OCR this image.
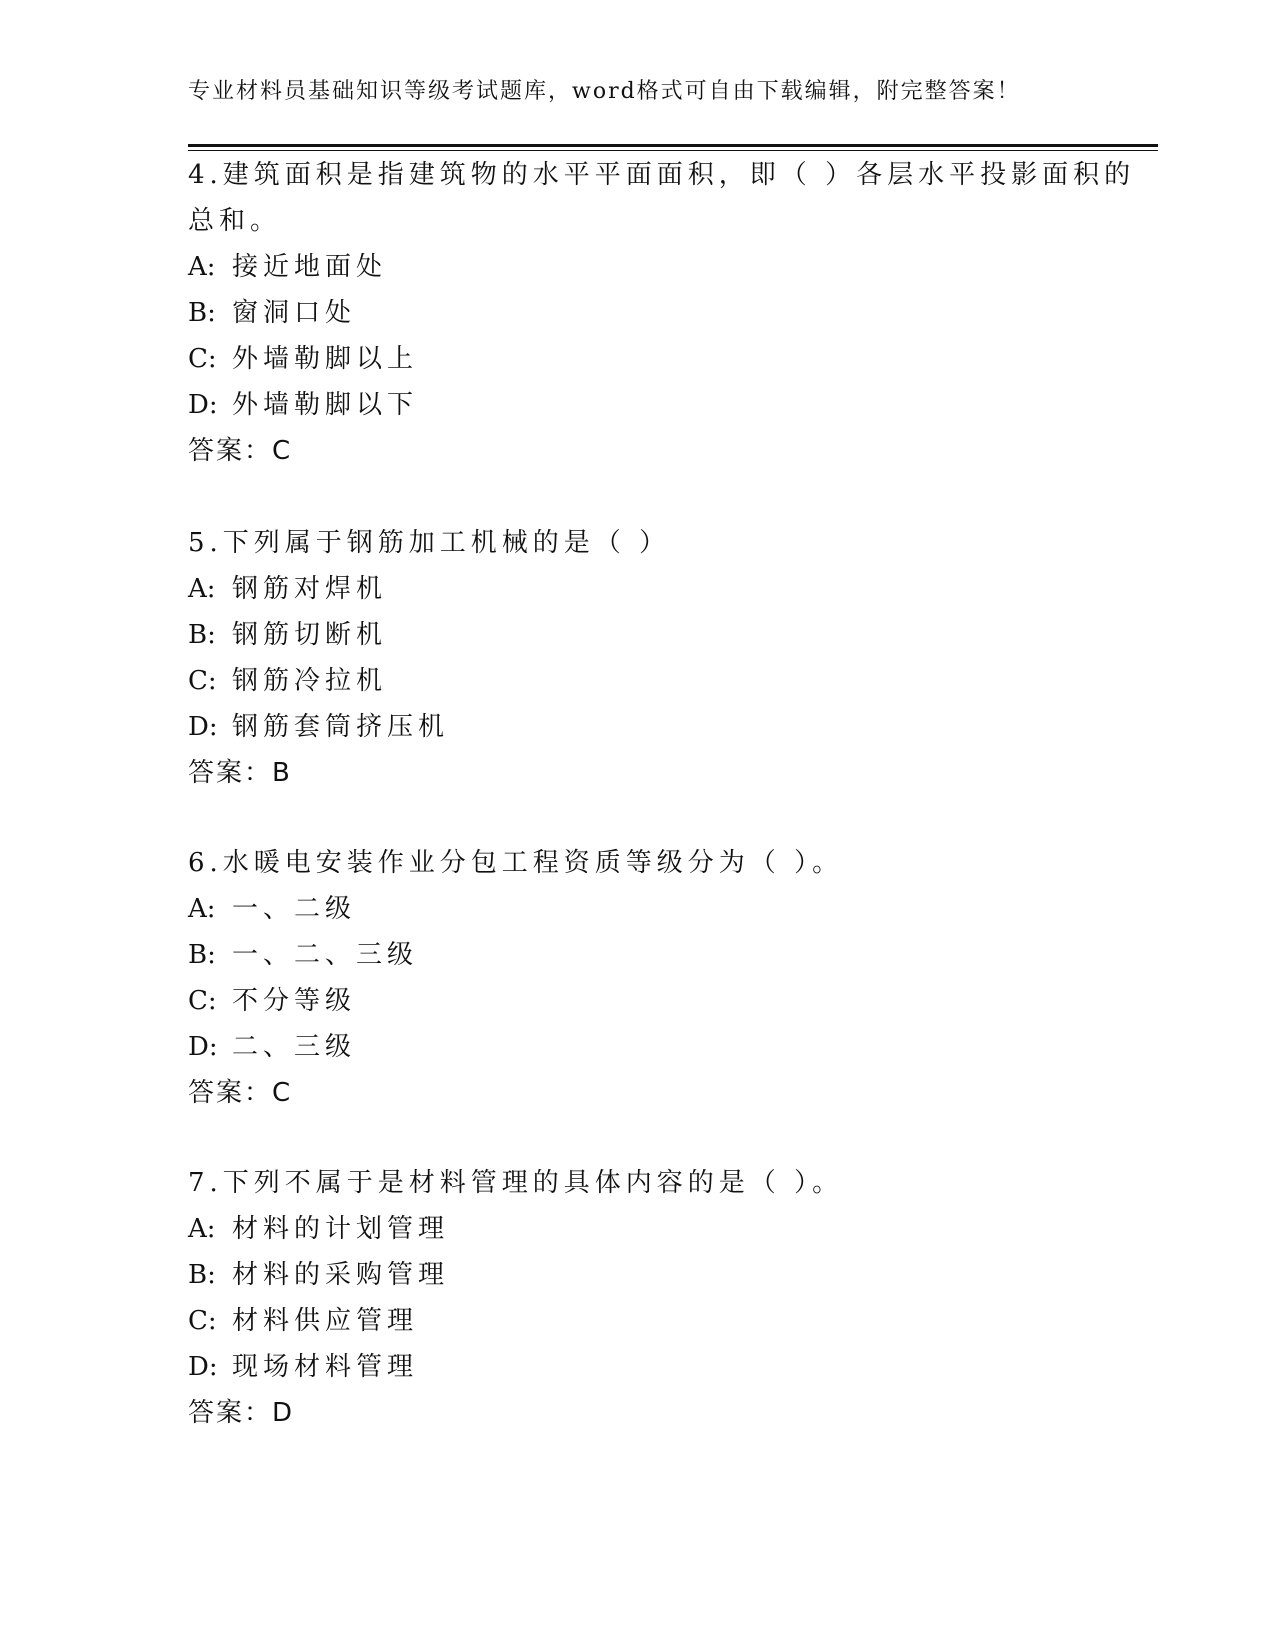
专业材料员基础知识等级考试题库，word格式可自由下载编辑，附完整答案！
4.建筑面积是指建筑物的水平平面面积，即（ ）各层水平投影面积的
总和。
A: 接近地面处
B: 窗洞口处
C: 外墙勒脚以上
D: 外墙勒脚以下
答案：C
5.下列属于钢筋加工机械的是（ ）
A: 钢筋对焊机
B: 钢筋切断机
C: 钢筋冷拉机
D: 钢筋套筒挤压机
答案：B
6.水暖电安装作业分包工程资质等级分为（ ）。
A: 一、二级
B: 一、二、三级
C: 不分等级
D: 二、三级
答案：C
7.下列不属于是材料管理的具体内容的是（ ）。
A: 材料的计划管理
B: 材料的采购管理
C: 材料供应管理
D: 现场材料管理
答案：D
